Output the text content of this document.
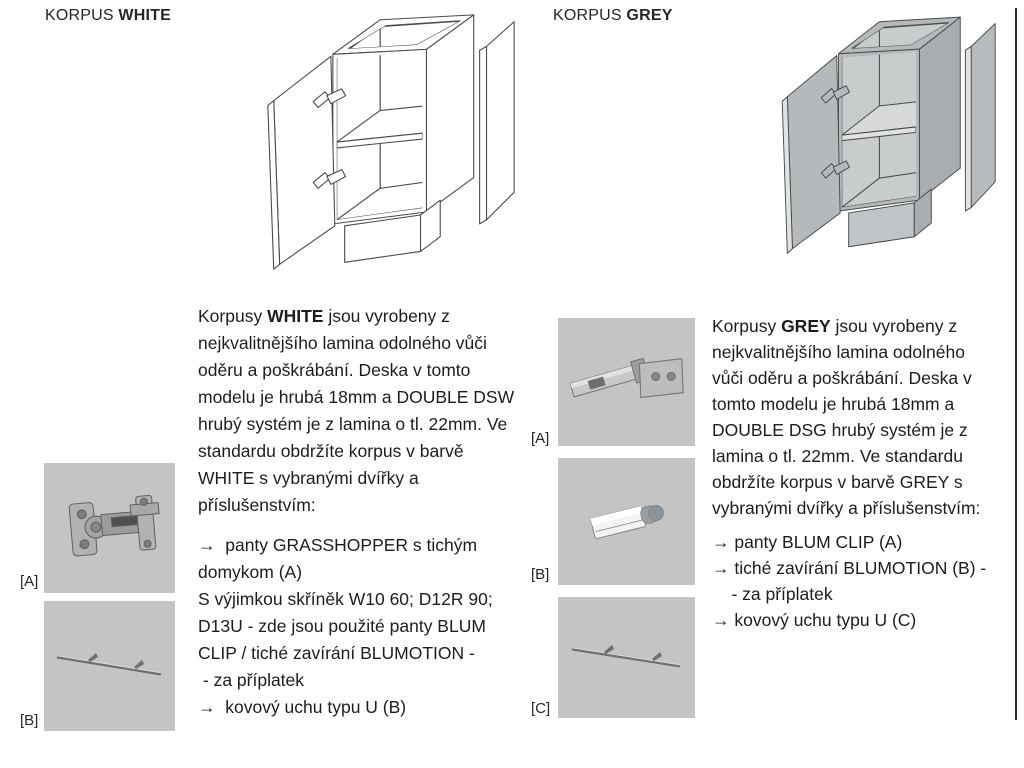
KORPUS WHITE
Korpusy WHITE jsou vyrobeny z
nejkvalitnějšího lamina odolného vůči
oděru a poškrábání. Deska v tomto
modelu je hrubá 18mm a DOUBLE DSW
hrubý systém je z lamina o tl. 22mm. Ve
standardu obdržíte korpus v barvě
WHITE s vybranými dvířky a
příslušenstvím:
→  panty GRASSHOPPER s tichým
domykom (A)
S výjimkou skříněk W10 60; D12R 90;
D13U - zde jsou použité panty BLUM
CLIP / tiché zavírání BLUMOTION -
- za příplatek
→  kovový uchu typu U (B)
[A]
[B]
KORPUS GREY
Korpusy GREY jsou vyrobeny z
nejkvalitnějšího lamina odolného
vůči oděru a poškrábání. Deska v
tomto modelu je hrubá 18mm a
DOUBLE DSG hrubý systém je z
lamina o tl. 22mm. Ve standardu
obdržíte korpus v barvě GREY s
vybranými dvířky a příslušenstvím:
→ panty BLUM CLIP (A)
→ tiché zavírání BLUMOTION (B) -
- za příplatek
→ kovový uchu typu U (C)
[A]
[B]
[C]
